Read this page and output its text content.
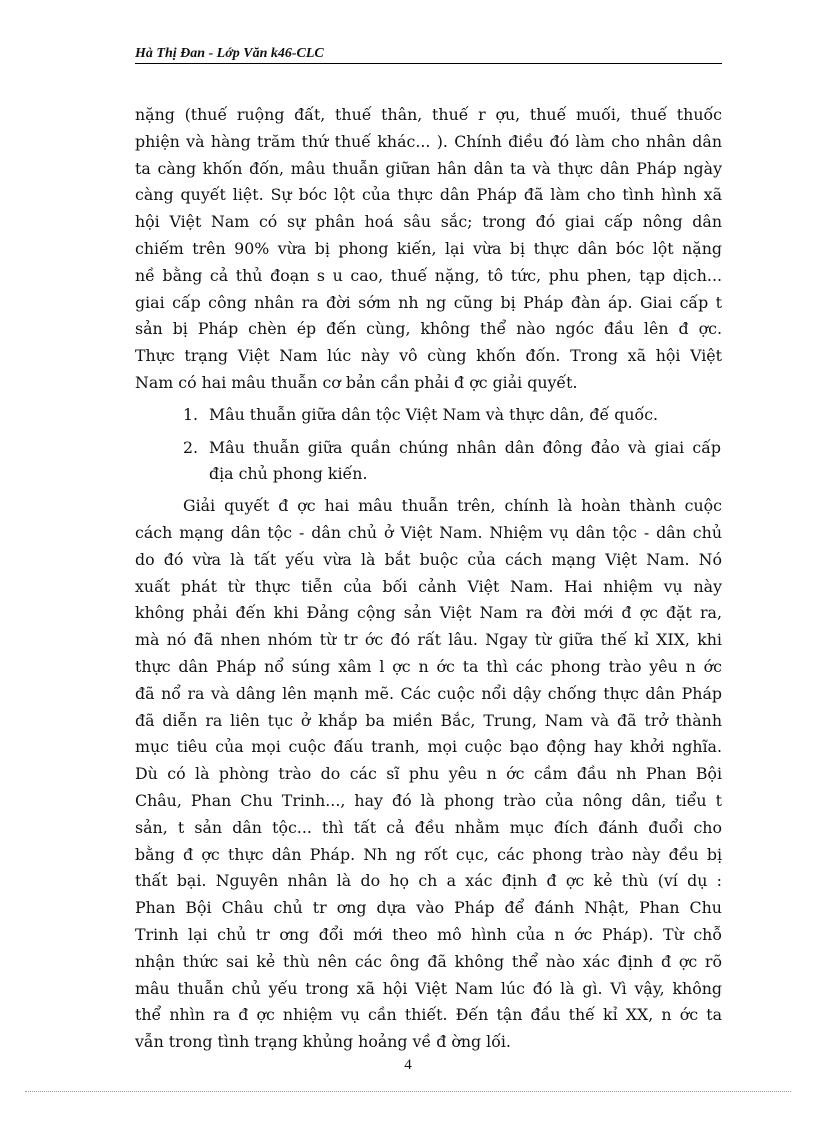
Hà Thị Đan - Lớp Văn k46-CLC
nặng (thuế ruộng đất, thuế thân, thuế r ợu, thuế muối, thuế thuốc
phiện và hàng trăm thứ thuế khác... ). Chính điều đó làm cho nhân dân
ta càng khốn đốn, mâu thuẫn giữan hân dân ta và thực dân Pháp ngày
càng quyết liệt. Sự bóc lột của thực dân Pháp đã làm cho tình hình xã
hội Việt Nam có sự phân hoá sâu sắc; trong đó giai cấp nông dân
chiếm trên 90% vừa bị phong kiến, lại vừa bị thực dân bóc lột nặng
nề bằng cả thủ đoạn s u cao, thuế nặng, tô tức, phu phen, tạp dịch...
giai cấp công nhân ra đời sớm nh ng cũng bị Pháp đàn áp. Giai cấp t
sản bị Pháp chèn ép đến cùng, không thể nào ngóc đầu lên đ ợc.
Thực trạng Việt Nam lúc này vô cùng khốn đốn. Trong xã hội Việt
Nam có hai mâu thuẫn cơ bản cần phải đ ợc giải quyết.
1. Mâu thuẫn giữa dân tộc Việt Nam và thực dân, đế quốc.
2. Mâu thuẫn giữa quần chúng nhân dân đông đảo và giai cấp
địa chủ phong kiến.
Giải quyết đ ợc hai mâu thuẫn trên, chính là hoàn thành cuộc
cách mạng dân tộc - dân chủ ở Việt Nam. Nhiệm vụ dân tộc - dân chủ
do đó vừa là tất yếu vừa là bắt buộc của cách mạng Việt Nam. Nó
xuất phát từ thực tiễn của bối cảnh Việt Nam. Hai nhiệm vụ này
không phải đến khi Đảng cộng sản Việt Nam ra đời mới đ ợc đặt ra,
mà nó đã nhen nhóm từ tr ớc đó rất lâu. Ngay từ giữa thế kỉ XIX, khi
thực dân Pháp nổ súng xâm l ợc n ớc ta thì các phong trào yêu n ớc
đã nổ ra và dâng lên mạnh mẽ. Các cuộc nổi dậy chống thực dân Pháp
đã diễn ra liên tục ở khắp ba miền Bắc, Trung, Nam và đã trở thành
mục tiêu của mọi cuộc đấu tranh, mọi cuộc bạo động hay khởi nghĩa.
Dù có là phòng trào do các sĩ phu yêu n ớc cầm đầu nh Phan Bội
Châu, Phan Chu Trinh..., hay đó là phong trào của nông dân, tiểu t
sản, t sản dân tộc... thì tất cả đều nhằm mục đích đánh đuổi cho
bằng đ ợc thực dân Pháp. Nh ng rốt cục, các phong trào này đều bị
thất bại. Nguyên nhân là do họ ch a xác định đ ợc kẻ thù (ví dụ :
Phan Bội Châu chủ tr ơng dựa vào Pháp để đánh Nhật, Phan Chu
Trinh lại chủ tr ơng đổi mới theo mô hình của n ớc Pháp). Từ chỗ
nhận thức sai kẻ thù nên các ông đã không thể nào xác định đ ợc rõ
mâu thuẫn chủ yếu trong xã hội Việt Nam lúc đó là gì. Vì vậy, không
thể nhìn ra đ ợc nhiệm vụ cần thiết. Đến tận đầu thế kỉ XX, n ớc ta
vẫn trong tình trạng khủng hoảng về đ ờng lối.
4
